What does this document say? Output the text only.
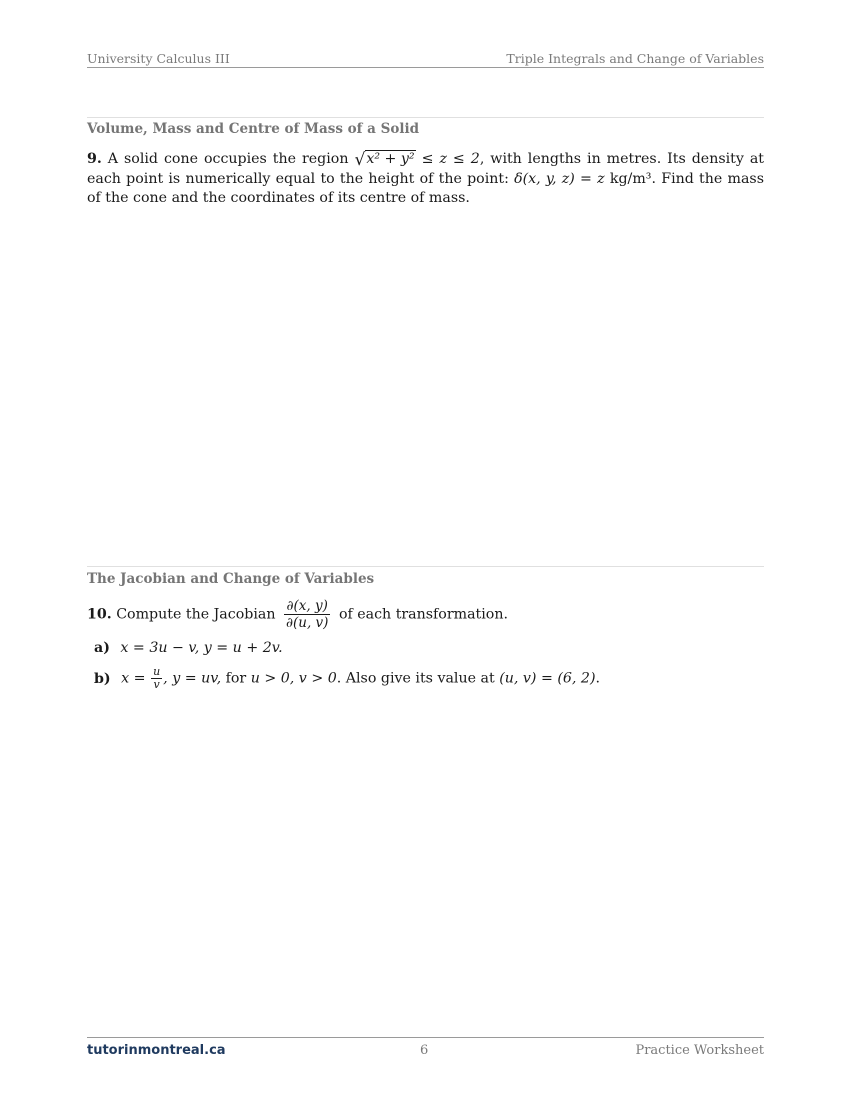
University Calculus III	Triple Integrals and Change of Variables
Volume, Mass and Centre of Mass of a Solid
9. A solid cone occupies the region √x² + y² ≤ z ≤ 2, with lengths in metres. Its density at each point is numerically equal to the height of the point: δ(x, y, z) = z kg/m³. Find the mass of the cone and the coordinates of its centre of mass.
The Jacobian and Change of Variables
10. Compute the Jacobian $\frac{\partial(x, y)}{\partial(u, v)}$ of each transformation.
a) x = 3u − v, y = u + 2v.
b) $x = \frac{u}{v}$ , y = uv, for u > 0, v > 0. Also give its value at (u, v) = (6, 2).
tutorinmontreal.ca	6	Practice Worksheet
